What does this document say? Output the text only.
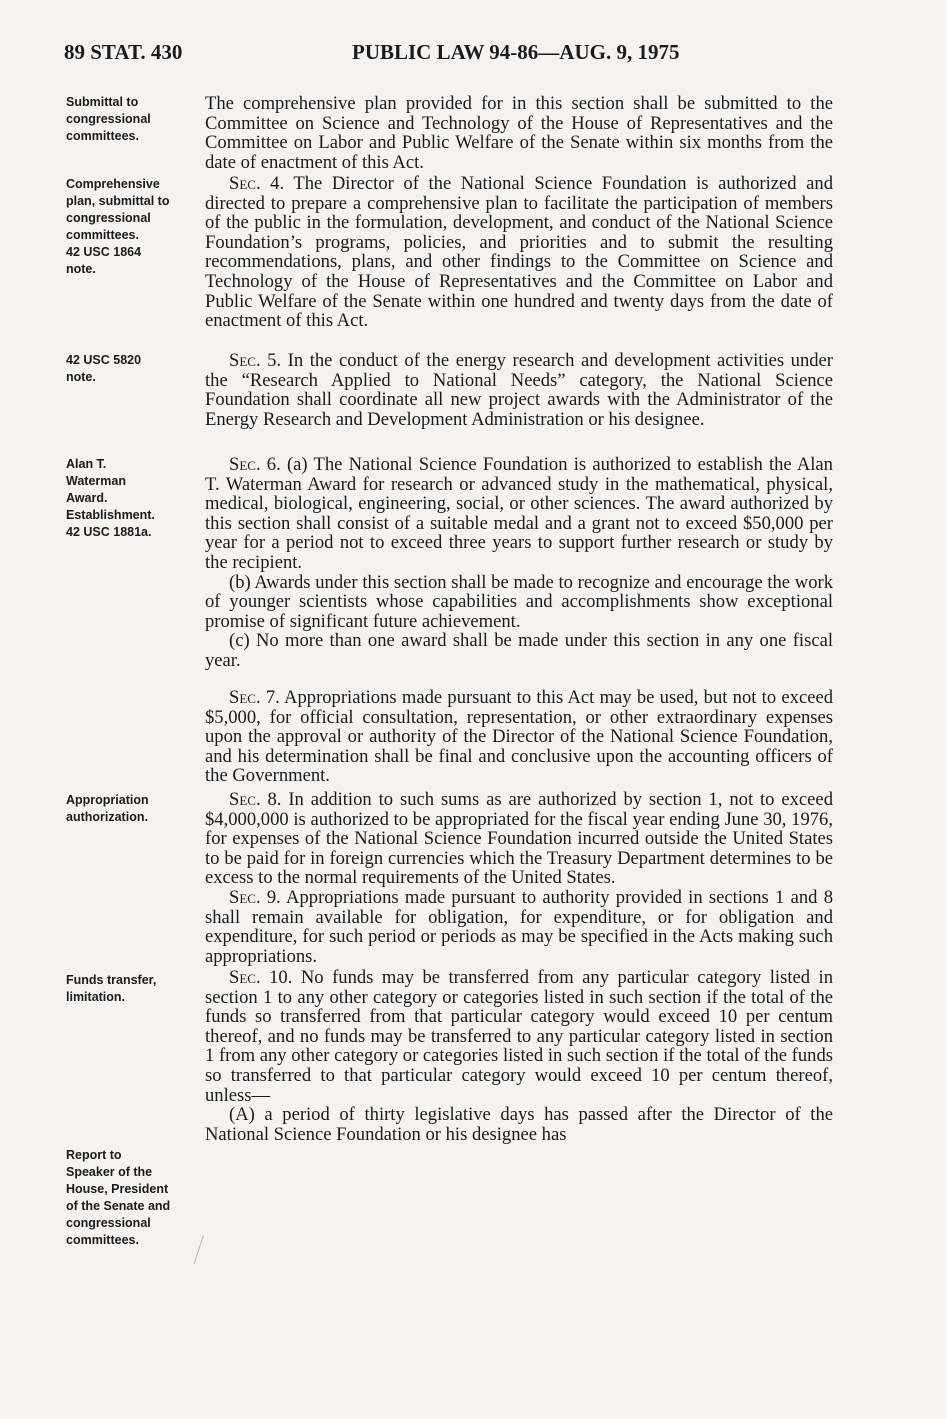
89 STAT. 430	PUBLIC LAW 94-86—AUG. 9, 1975
Submittal to
congressional
committees.
Comprehensive
plan, submittal to
congressional
committees.
42 USC 1864
note.
42 USC 5820
note.
Alan T.
Waterman
Award.
Establishment.
42 USC 1881a.
Appropriation
authorization.
Funds transfer,
limitation.
Report to
Speaker of the
House, President
of the Senate and
congressional
committees.

The comprehensive plan provided for in this section shall be submitted to the Committee on Science and Technology of the House of Representatives and the Committee on Labor and Public Welfare of the Senate within six months from the date of enactment of this Act.

Sec. 4. The Director of the National Science Foundation is authorized and directed to prepare a comprehensive plan to facilitate the participation of members of the public in the formulation, development, and conduct of the National Science Foundation’s programs, policies, and priorities and to submit the resulting recommendations, plans, and other findings to the Committee on Science and Technology of the House of Representatives and the Committee on Labor and Public Welfare of the Senate within one hundred and twenty days from the date of enactment of this Act.

Sec. 5. In the conduct of the energy research and development activities under the “Research Applied to National Needs” category, the National Science Foundation shall coordinate all new project awards with the Administrator of the Energy Research and Development Administration or his designee.

Sec. 6. (a) The National Science Foundation is authorized to establish the Alan T. Waterman Award for research or advanced study in the mathematical, physical, medical, biological, engineering, social, or other sciences. The award authorized by this section shall consist of a suitable medal and a grant not to exceed $50,000 per year for a period not to exceed three years to support further research or study by the recipient.

(b) Awards under this section shall be made to recognize and encourage the work of younger scientists whose capabilities and accomplishments show exceptional promise of significant future achievement.

(c) No more than one award shall be made under this section in any one fiscal year.

Sec. 7. Appropriations made pursuant to this Act may be used, but not to exceed $5,000, for official consultation, representation, or other extraordinary expenses upon the approval or authority of the Director of the National Science Foundation, and his determination shall be final and conclusive upon the accounting officers of the Government.

Sec. 8. In addition to such sums as are authorized by section 1, not to exceed $4,000,000 is authorized to be appropriated for the fiscal year ending June 30, 1976, for expenses of the National Science Foundation incurred outside the United States to be paid for in foreign currencies which the Treasury Department determines to be excess to the normal requirements of the United States.

Sec. 9. Appropriations made pursuant to authority provided in sections 1 and 8 shall remain available for obligation, for expenditure, or for obligation and expenditure, for such period or periods as may be specified in the Acts making such appropriations.

Sec. 10. No funds may be transferred from any particular category listed in section 1 to any other category or categories listed in such section if the total of the funds so transferred from that particular category would exceed 10 per centum thereof, and no funds may be transferred to any particular category listed in section 1 from any other category or categories listed in such section if the total of the funds so transferred to that particular category would exceed 10 per centum thereof, unless—

(A) a period of thirty legislative days has passed after the Director of the National Science Foundation or his designee has
